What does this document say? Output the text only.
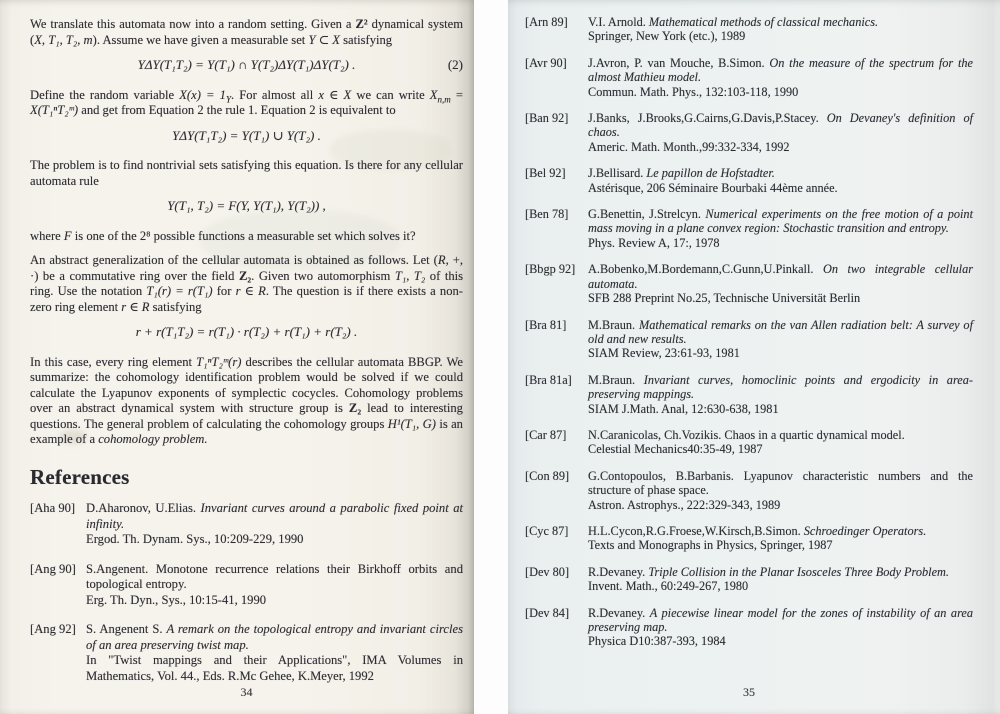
We translate this automata now into a random setting. Given a Z² dynamical system (X, T₁, T₂, m). Assume we have given a measurable set Y ⊂ X satisfying

YΔY(T₁T₂) = Y(T₁) ∩ Y(T₂)ΔY(T₁)ΔY(T₂) .	(2)

Define the random variable $X(x) = 1_Y$. For almost all x ∈ X we can write $X_{n,m}$ = X(T₁ⁿT₂ᵐ) and get from Equation 2 the rule 1. Equation 2 is equivalent to

YΔY(T₁T₂) = Y(T₁) ∪ Y(T₂) .

The problem is to find nontrivial sets satisfying this equation. Is there for any cellular automata rule

Y(T₁, T₂) = F(Y, Y(T₁), Y(T₂)) ,

where F is one of the 2⁸ possible functions a measurable set which solves it?

An abstract generalization of the cellular automata is obtained as follows. Let (R, +, ·) be a commutative ring over the field Z₂. Given two automorphism T₁, T₂ of this ring. Use the notation T₁(r) = r(T₁) for r ∈ R. The question is if there exists a non-zero ring element r ∈ R satisfying

r + r(T₁T₂) = r(T₁) · r(T₂) + r(T₁) + r(T₂) .

In this case, every ring element T₁ⁿT₂ᵐ(r) describes the cellular automata BBGP. We summarize: the cohomology identification problem would be solved if we could calculate the Lyapunov exponents of symplectic cocycles. Cohomology problems over an abstract dynamical system with structure group is Z₂ lead to interesting questions. The general problem of calculating the cohomology groups H¹(T₁, G) is an example of a cohomology problem.

References
[Aha 90] D.Aharonov, U.Elias. Invariant curves around a parabolic fixed point at infinity.
Ergod. Th. Dynam. Sys., 10:209-229, 1990
[Ang 90] S.Angenent. Monotone recurrence relations their Birkhoff orbits and topological entropy.
Erg. Th. Dyn., Sys., 10:15-41, 1990
[Ang 92] S. Angenent S. A remark on the topological entropy and invariant circles of an area preserving twist map.
In "Twist mappings and their Applications", IMA Volumes in Mathematics, Vol. 44., Eds. R.Mc Gehee, K.Meyer, 1992
34
[Arn 89]	V.I. Arnold. Mathematical methods of classical mechanics.
Springer, New York (etc.), 1989
[Avr 90]	J.Avron, P. van Mouche, B.Simon. On the measure of the spectrum for the almost Mathieu model.
Commun. Math. Phys., 132:103-118, 1990
[Ban 92]	J.Banks, J.Brooks,G.Cairns,G.Davis,P.Stacey. On Devaney's definition of chaos.
Americ. Math. Month.,99:332-334, 1992
[Bel 92]	J.Bellisard. Le papillon de Hofstadter.
Astérisque, 206 Séminaire Bourbaki 44ème année.
[Ben 78]	G.Benettin, J.Strelcyn. Numerical experiments on the free motion of a point mass moving in a plane convex region: Stochastic transition and entropy.
Phys. Review A, 17:, 1978
[Bbgp 92]	A.Bobenko,M.Bordemann,C.Gunn,U.Pinkall. On two integrable cellular automata.
SFB 288 Preprint No.25, Technische Universität Berlin
[Bra 81]	M.Braun. Mathematical remarks on the van Allen radiation belt: A survey of old and new results.
SIAM Review, 23:61-93, 1981
[Bra 81a]	M.Braun. Invariant curves, homoclinic points and ergodicity in area-preserving mappings.
SIAM J.Math. Anal, 12:630-638, 1981
[Car 87]	N.Caranicolas, Ch.Vozikis. Chaos in a quartic dynamical model.
Celestial Mechanics40:35-49, 1987
[Con 89]	G.Contopoulos, B.Barbanis. Lyapunov characteristic numbers and the structure of phase space.
Astron. Astrophys., 222:329-343, 1989
[Cyc 87]	H.L.Cycon,R.G.Froese,W.Kirsch,B.Simon. Schroedinger Operators.
Texts and Monographs in Physics, Springer, 1987
[Dev 80]	R.Devaney. Triple Collision in the Planar Isosceles Three Body Problem.
Invent. Math., 60:249-267, 1980
[Dev 84]	R.Devaney. A piecewise linear model for the zones of instability of an area preserving map.
Physica D10:387-393, 1984
35
